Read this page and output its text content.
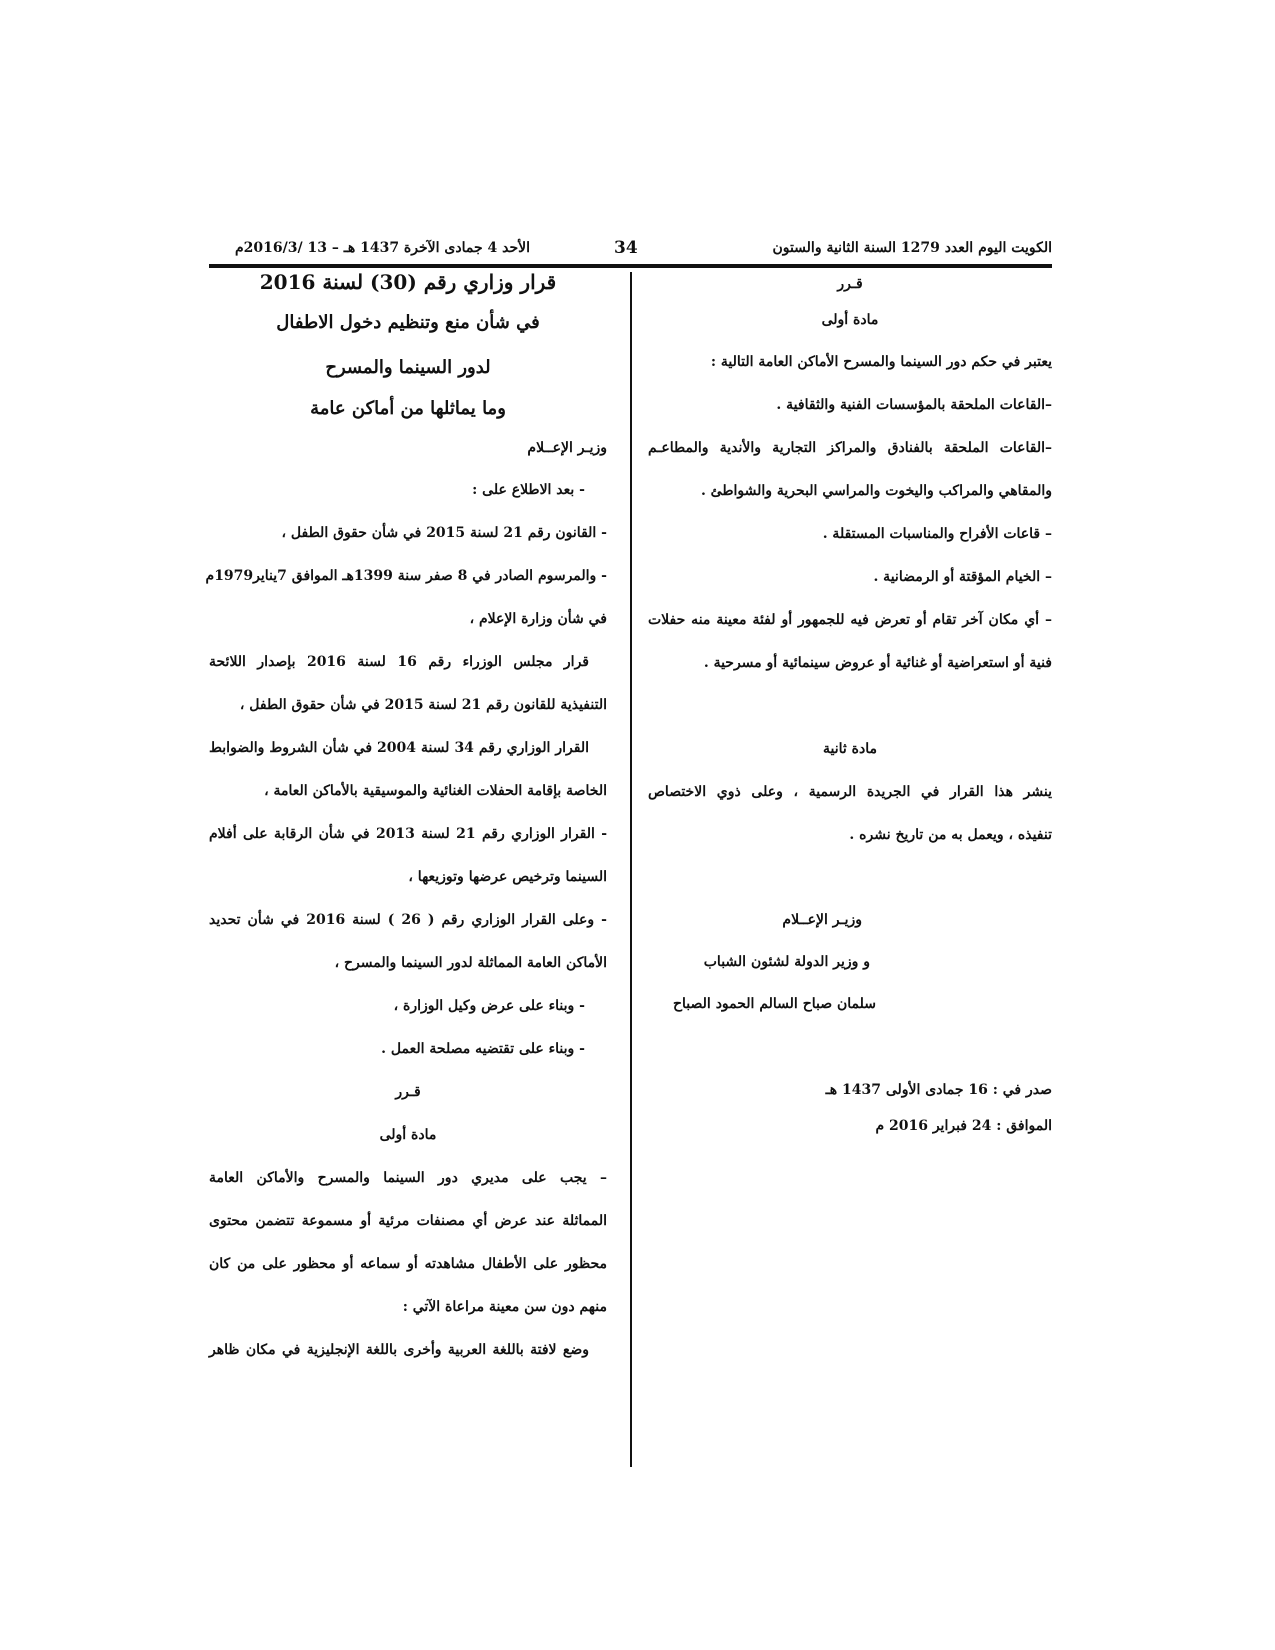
الكويت اليوم العدد 1279 السنة الثانية والستون
34
الأحد 4 جمادى الآخرة 1437 هـ – 13 /2016/3م
قـرر
مادة أولى
يعتبر في حكم دور السينما والمسرح الأماكن العامة التالية :
–القاعات الملحقة بالمؤسسات الفنية والثقافية .
–القاعات الملحقة بالفنادق والمراكز التجارية والأندية والمطاعـم
والمقاهي والمراكب واليخوت والمراسي البحرية والشواطئ .
– قاعات الأفراح والمناسبات المستقلة .
– الخيام المؤقتة أو الرمضانية .
– أي مكان آخر تقام أو تعرض فيه للجمهور أو لفئة معينة منه حفلات
فنية أو استعراضية أو غنائية أو عروض سينمائية أو مسرحية .
مادة ثانية
ينشر هذا القرار في الجريدة الرسمية ، وعلى ذوي الاختصاص
تنفيذه ، ويعمل به من تاريخ نشره .
وزيـر الإعــلام
و وزير الدولة لشئون الشباب
سلمان صباح السالم الحمود الصباح
صدر في : 16 جمادى الأولى 1437 هـ
الموافق : 24 فبراير 2016 م
قرار وزاري رقم (30) لسنة 2016
في شأن منع وتنظيم دخول الاطفال
لدور السينما والمسرح
وما يماثلها من أماكن عامة
وزيـر الإعــلام
- بعد الاطلاع على :
- القانون رقم 21 لسنة 2015 في شأن حقوق الطفل ،
- والمرسوم الصادر في 8 صفر سنة 1399هـ الموافق 7يناير1979م
في شأن وزارة الإعلام ،
قرار مجلس الوزراء رقم 16 لسنة 2016 بإصدار اللائحة
التنفيذية للقانون رقم 21 لسنة 2015 في شأن حقوق الطفل ،
القرار الوزاري رقم 34 لسنة 2004 في شأن الشروط والضوابط
الخاصة بإقامة الحفلات الغنائية والموسيقية بالأماكن العامة ،
- القرار الوزاري رقم 21 لسنة 2013 في شأن الرقابة على أفلام
السينما وترخيص عرضها وتوزيعها ،
- وعلى القرار الوزاري رقم ( 26 ) لسنة 2016 في شأن تحديد
الأماكن العامة المماثلة لدور السينما والمسرح ،
- وبناء على عرض وكيل الوزارة ،
- وبناء على تقتضيه مصلحة العمل .
قـرر
مادة أولى
– يجب على مديري دور السينما والمسرح والأماكن العامة
المماثلة عند عرض أي مصنفات مرئية أو مسموعة تتضمن محتوى
محظور على الأطفال مشاهدته أو سماعه أو محظور على من كان
منهم دون سن معينة مراعاة الآتي :
وضع لافتة باللغة العربية وأخرى باللغة الإنجليزية في مكان ظاهر
